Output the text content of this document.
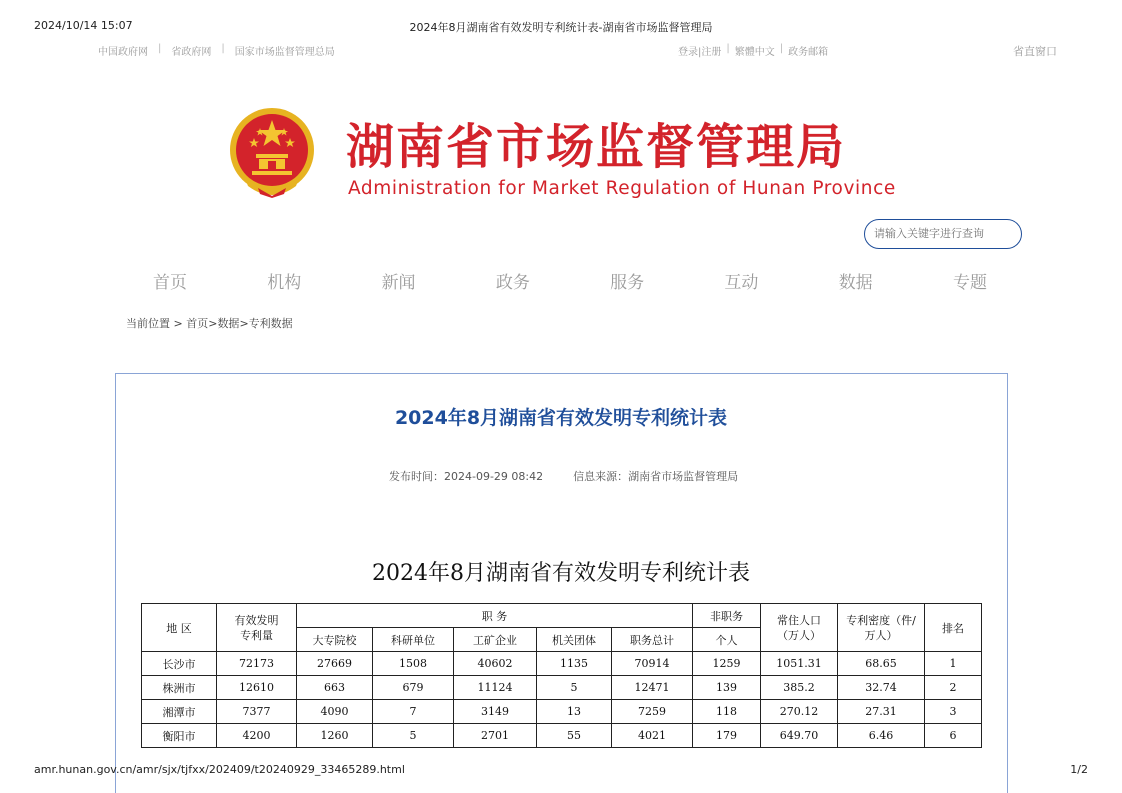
2024/10/14 15:07	2024年8月湖南省有效发明专利统计表-湖南省市场监督管理局
中国政府网 | 省政府网 | 国家市场监督管理总局	登录|注册 | 繁體中文 | 政务邮箱	省直窗口
湖南省市场监督管理局
Administration for Market Regulation of Hunan Province
请输入关键字进行查询
首页	机构	新闻	政务	服务	互动	数据	专题
当前位置 > 首页>数据>专利数据
2024年8月湖南省有效发明专利统计表
发布时间：2024-09-29 08:42	信息来源：湖南省市场监督管理局
2024年8月湖南省有效发明专利统计表
地 区	有效发明专利量	职 务					非职务	常住人口（万人）	专利密度（件/万人）	排名
		大专院校	科研单位	工矿企业	机关团体	职务总计	个人			
长沙市	72173	27669	1508	40602	1135	70914	1259	1051.31	68.65	1
株洲市	12610	663	679	11124	5	12471	139	385.2	32.74	2
湘潭市	7377	4090	7	3149	13	7259	118	270.12	27.31	3
衡阳市	4200	1260	5	2701	55	4021	179	649.70	6.46	6
amr.hunan.gov.cn/amr/sjx/tjfxx/202409/t20240929_33465289.html	1/2
